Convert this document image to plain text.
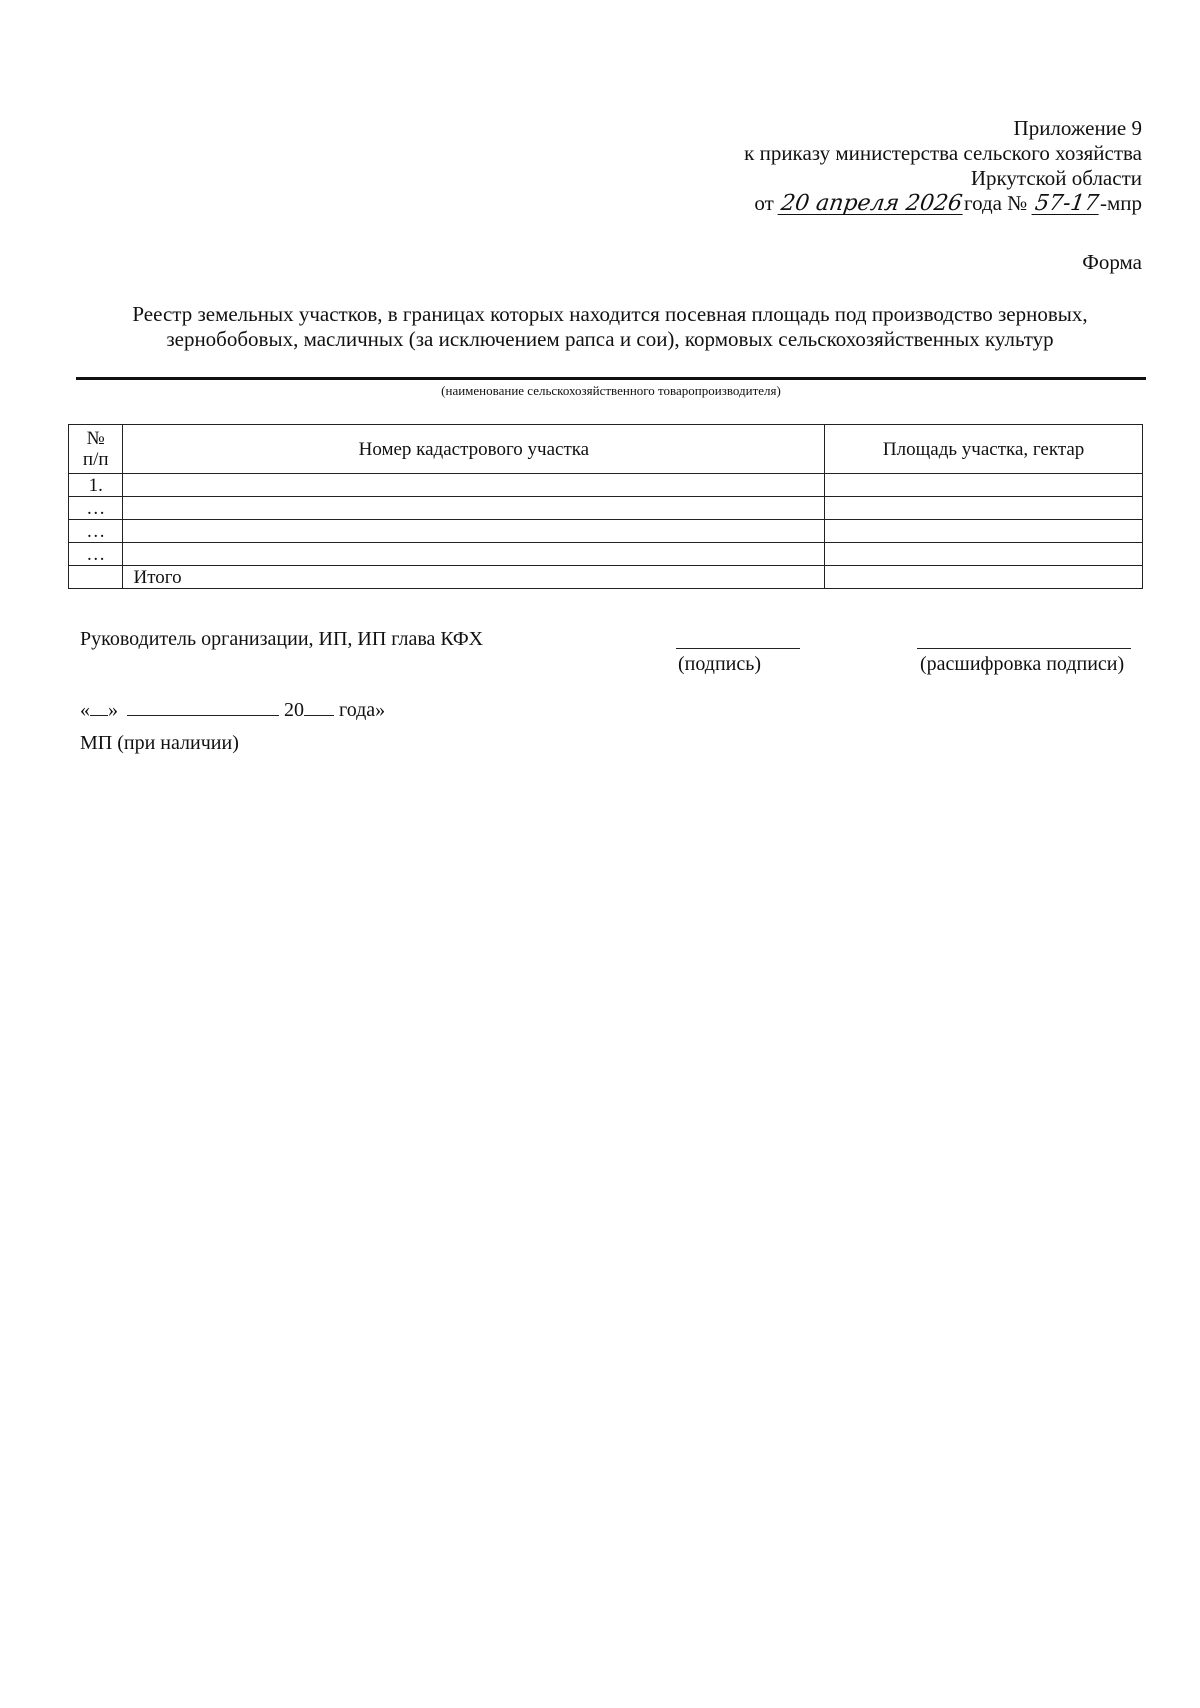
Приложение 9
к приказу министерства сельского хозяйства
Иркутской области
от 20 апреля 2026года № 57-17-мпр
Форма
Реестр земельных участков, в границах которых находится посевная площадь под производство зерновых,
зернобобовых, масличных (за исключением рапса и сои), кормовых сельскохозяйственных культур
(наименование сельскохозяйственного товаропроизводителя)
№
п/п	Номер кадастрового участка	Площадь участка, гектар
1.		
…		
…		
…		
	Итого	
Руководитель организации, ИП, ИП глава КФХ
(подпись)	(расшифровка подписи)
« »	20 года»
МП (при наличии)
